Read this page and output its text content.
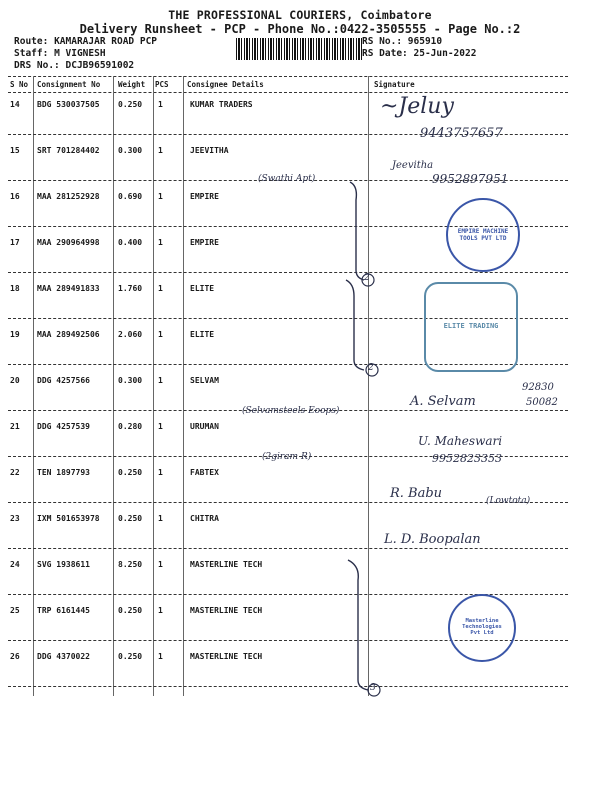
THE PROFESSIONAL COURIERS, Coimbatore
Delivery Runsheet - PCP - Phone No.:0422-3505555 - Page No.:2
Route: KAMARAJAR ROAD PCP
Staff: M VIGNESH
DRS No.: DCJB96591002
RS No.: 965910
RS Date: 25-Jun-2022
S No Consignment No Weight PCS Consignee Details	Signature
14 BDG 530037505 0.250 1	KUMAR TRADERS
15 SRT 701284402 0.300 1	JEEVITHA
16 MAA 281252928 0.690 1	EMPIRE
17 MAA 290964998 0.400 1	EMPIRE
18 MAA 289491833 1.760 1	ELITE
19 MAA 289492506 2.060 1	ELITE
20 DDG 4257566	0.300 1	SELVAM
21 DDG 4257539	0.280 1	URUMAN
22 TEN 1897793	0.250 1	FABTEX
23 IXM 501653978 0.250 1	CHITRA
24 SVG 1938611	8.250 1	MASTERLINE TECH
25 TRP 6161445	0.250 1	MASTERLINE TECH
26 DDG 4370022	0.250 1	MASTERLINE TECH
~Jeluy
9443757657
Jeevitha
9952897951
(Swathi Apt)
A. Selvam
92830
50082
(Selvamsteels Eoops)
U. Maheswari
9952823353
(2giram R)
R. Babu	(Lowtota)
L. D. Boopalan
2
2
3
EMPIRE MACHINE TOOLS PVT LTD
ELITE TRADING
Masterline Technologies Pvt Ltd
